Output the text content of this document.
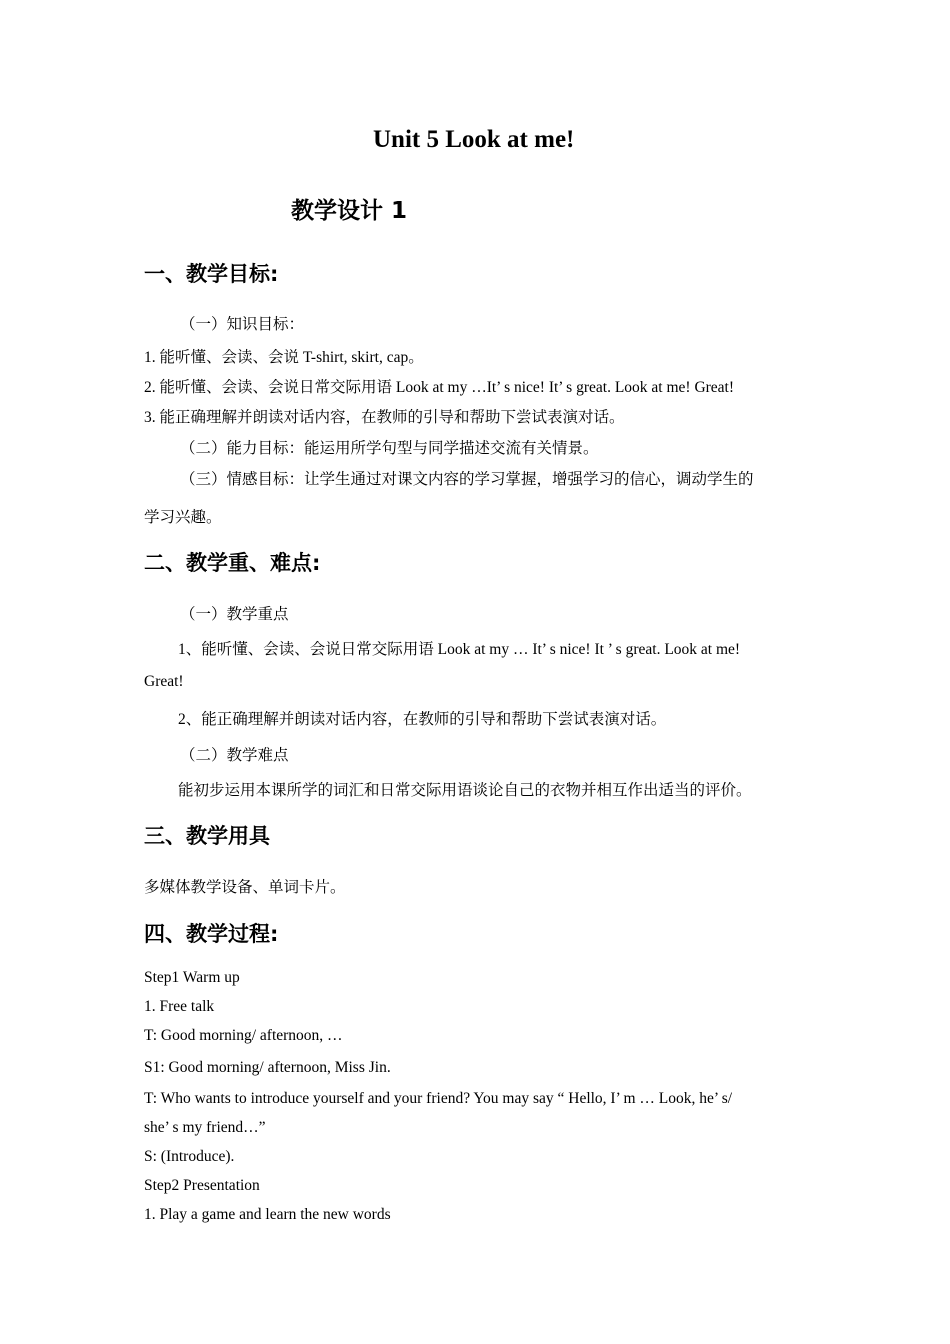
Unit 5 Look at me!
教学设计 1
一、教学目标:
（一）知识目标：
1. 能听懂、会读、会说 T-shirt, skirt, cap。
2. 能听懂、会读、会说日常交际用语 Look at my …It’ s nice! It’ s great. Look at me! Great!
3. 能正确理解并朗读对话内容，在教师的引导和帮助下尝试表演对话。
（二）能力目标：能运用所学句型与同学描述交流有关情景。
（三）情感目标：让学生通过对课文内容的学习掌握，增强学习的信心，调动学生的
学习兴趣。
二、教学重、难点:
（一）教学重点
1、能听懂、会读、会说日常交际用语 Look at my … It’ s nice! It ’ s great. Look at me!
Great!
2、能正确理解并朗读对话内容，在教师的引导和帮助下尝试表演对话。
（二）教学难点
能初步运用本课所学的词汇和日常交际用语谈论自己的衣物并相互作出适当的评价。
三、教学用具
多媒体教学设备、单词卡片。
四、教学过程:
Step1 Warm up
1. Free talk
T: Good morning/ afternoon, …
S1: Good morning/ afternoon, Miss Jin.
T: Who wants to introduce yourself and your friend? You may say “ Hello, I’ m … Look, he’ s/
she’ s my friend…”
S: (Introduce).
Step2 Presentation
1. Play a game and learn the new words
